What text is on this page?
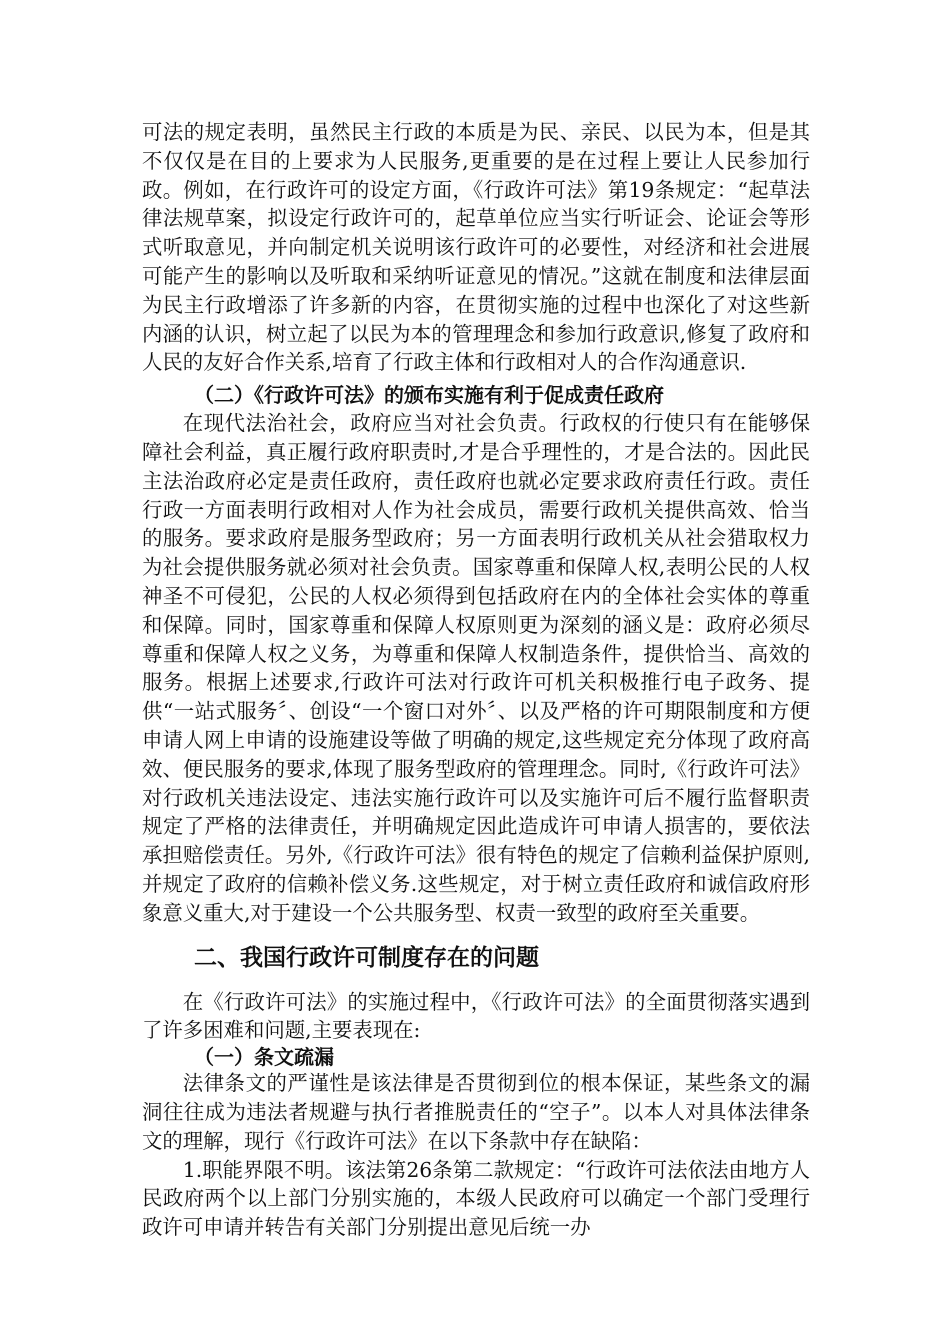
可法的规定表明，虽然民主行政的本质是为民、亲民、以民为本，但是其不仅仅是在目的上要求为人民服务,更重要的是在过程上要让人民参加行政。例如，在行政许可的设定方面，《行政许可法》第19条规定：“起草法律法规草案，拟设定行政许可的，起草单位应当实行听证会、论证会等形式听取意见，并向制定机关说明该行政许可的必要性，对经济和社会进展可能产生的影响以及听取和采纳听证意见的情况。”这就在制度和法律层面为民主行政增添了许多新的内容，在贯彻实施的过程中也深化了对这些新内涵的认识，树立起了以民为本的管理理念和参加行政意识,修复了政府和人民的友好合作关系,培育了行政主体和行政相对人的合作沟通意识.

（二）《行政许可法》的颁布实施有利于促成责任政府

在现代法治社会，政府应当对社会负责。行政权的行使只有在能够保障社会利益，真正履行政府职责时,才是合乎理性的，才是合法的。因此民主法治政府必定是责任政府，责任政府也就必定要求政府责任行政。责任行政一方面表明行政相对人作为社会成员，需要行政机关提供高效、恰当的服务。要求政府是服务型政府；另一方面表明行政机关从社会猎取权力为社会提供服务就必须对社会负责。国家尊重和保障人权,表明公民的人权神圣不可侵犯，公民的人权必须得到包括政府在内的全体社会实体的尊重和保障。同时，国家尊重和保障人权原则更为深刻的涵义是：政府必须尽尊重和保障人权之义务，为尊重和保障人权制造条件，提供恰当、高效的服务。根据上述要求,行政许可法对行政许可机关积极推行电子政务、提供“一站式服务〞、创设“一个窗口对外〞、以及严格的许可期限制度和方便申请人网上申请的设施建设等做了明确的规定,这些规定充分体现了政府高效、便民服务的要求,体现了服务型政府的管理理念。同时,《行政许可法》对行政机关违法设定、违法实施行政许可以及实施许可后不履行监督职责规定了严格的法律责任，并明确规定因此造成许可申请人损害的，要依法承担赔偿责任。另外,《行政许可法》很有特色的规定了信赖利益保护原则,并规定了政府的信赖补偿义务.这些规定，对于树立责任政府和诚信政府形象意义重大,对于建设一个公共服务型、权责一致型的政府至关重要。

二、我国行政许可制度存在的问题

在《行政许可法》的实施过程中，《行政许可法》的全面贯彻落实遇到了许多困难和问题,主要表现在:

（一）条文疏漏

法律条文的严谨性是该法律是否贯彻到位的根本保证，某些条文的漏洞往往成为违法者规避与执行者推脱责任的“空子”。以本人对具体法律条文的理解，现行《行政许可法》在以下条款中存在缺陷：

1.职能界限不明。该法第26条第二款规定：“行政许可法依法由地方人民政府两个以上部门分别实施的，本级人民政府可以确定一个部门受理行政许可申请并转告有关部门分别提出意见后统一办
